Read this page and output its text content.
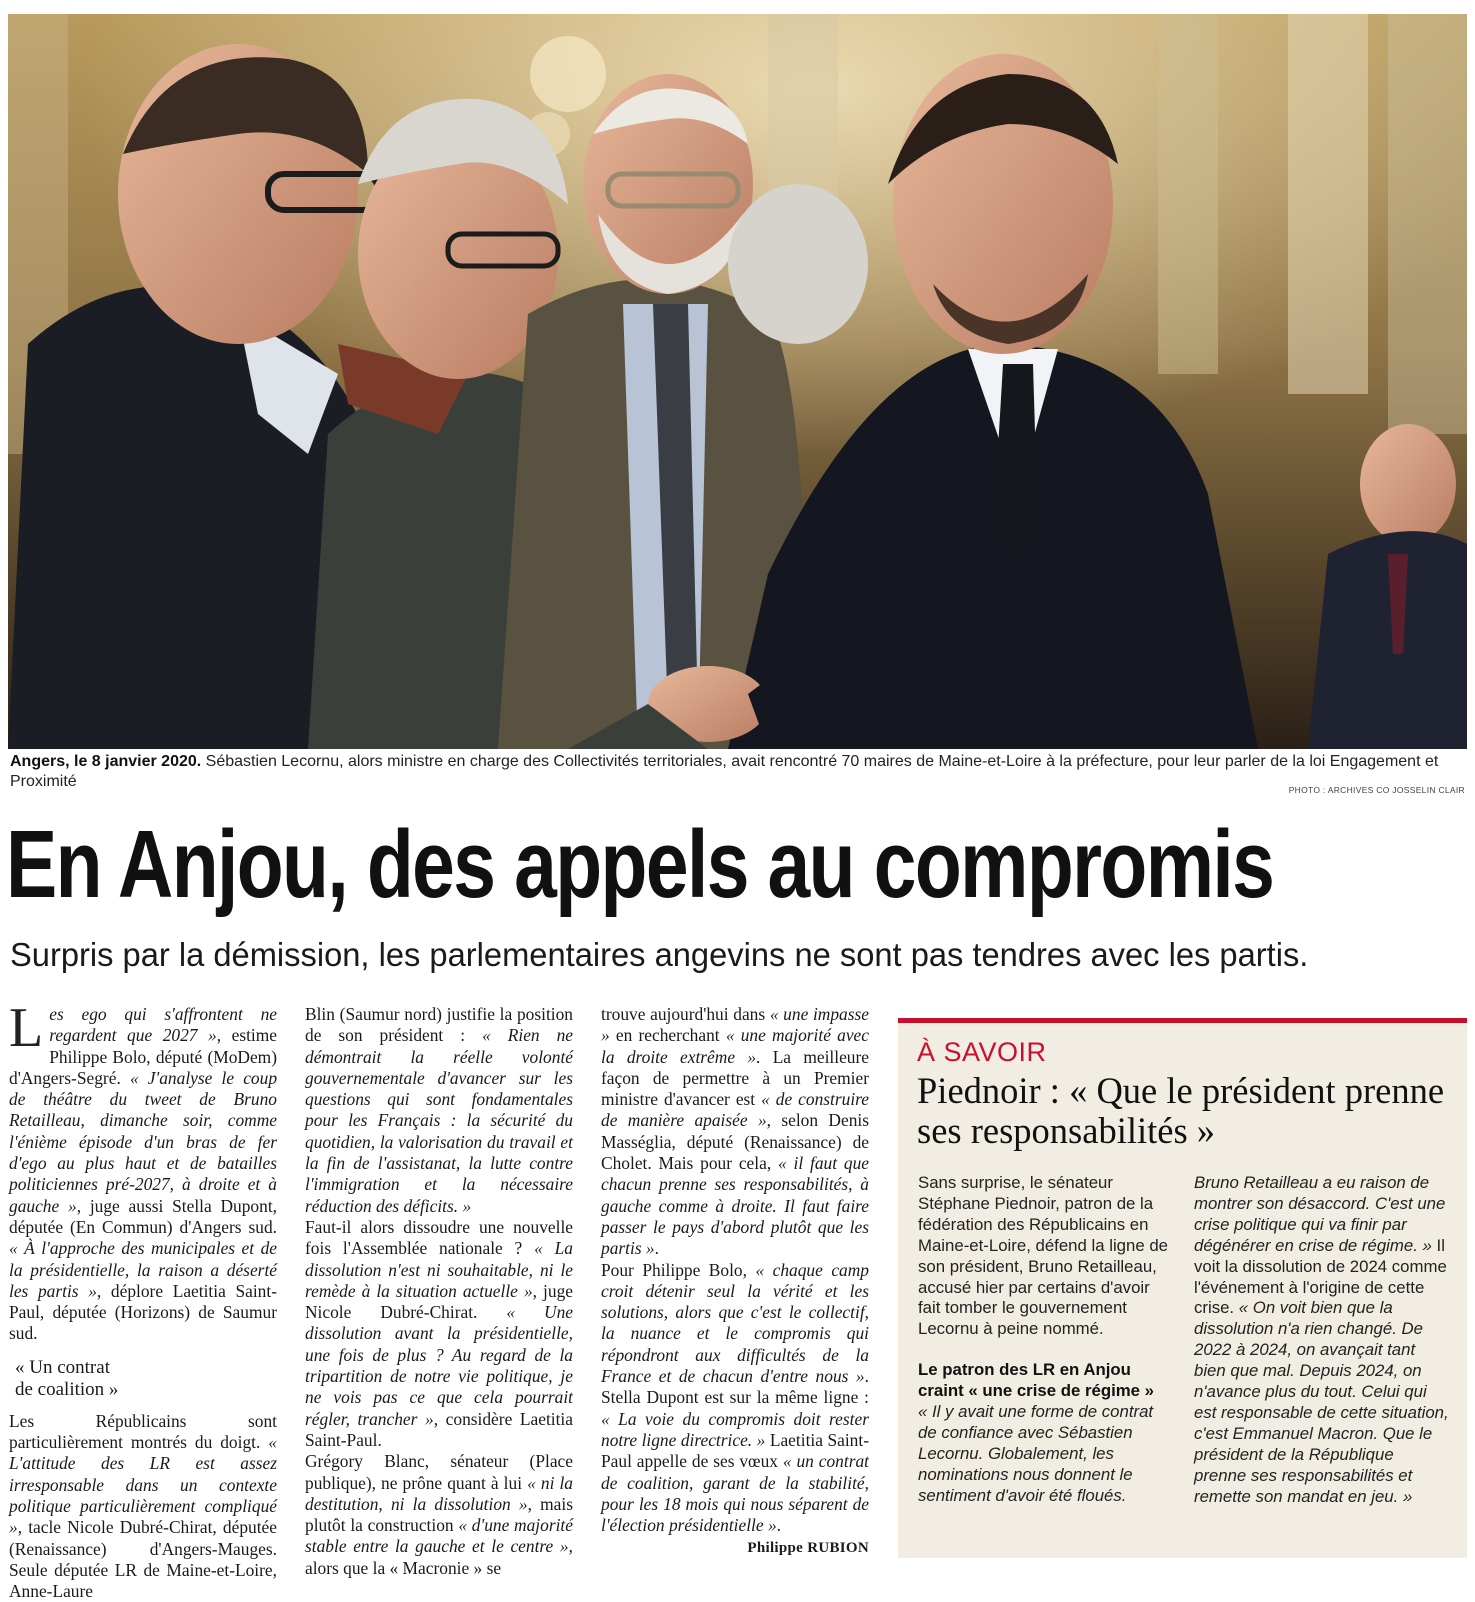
Angers, le 8 janvier 2020. Sébastien Lecornu, alors ministre en charge des Collectivités territoriales, avait rencontré 70 maires de Maine-et-Loire à la préfecture, pour leur parler de la loi Engagement et Proximité	PHOTO : ARCHIVES CO JOSSELIN CLAIR
En Anjou, des appels au compromis
Surpris par la démission, les parlementaires angevins ne sont pas tendres avec les partis.

Les ego qui s'affrontent ne regardent que 2027 », estime Philippe Bolo, député (MoDem) d'Angers-Segré. « J'analyse le coup de théâtre du tweet de Bruno Retailleau, dimanche soir, comme l'énième épisode d'un bras de fer d'ego au plus haut et de batailles politiciennes pré-2027, à droite et à gauche », juge aussi Stella Dupont, députée (En Commun) d'Angers sud. « À l'approche des municipales et de la présidentielle, la raison a déserté les partis », déplore Laetitia Saint-Paul, députée (Horizons) de Saumur sud.

« Un contrat
de coalition »

Les Républicains sont particulièrement montrés du doigt. « L'attitude des LR est assez irresponsable dans un contexte politique particulièrement compliqué », tacle Nicole Dubré-Chirat, députée (Renaissance) d'Angers-Mauges. Seule députée LR de Maine-et-Loire, Anne-Laure

Blin (Saumur nord) justifie la position de son président : « Rien ne démontrait la réelle volonté gouvernementale d'avancer sur les questions qui sont fondamentales pour les Français : la sécurité du quotidien, la valorisation du travail et la fin de l'assistanat, la lutte contre l'immigration et la nécessaire réduction des déficits. »

Faut-il alors dissoudre une nouvelle fois l'Assemblée nationale ? « La dissolution n'est ni souhaitable, ni le remède à la situation actuelle », juge Nicole Dubré-Chirat. « Une dissolution avant la présidentielle, une fois de plus ? Au regard de la tripartition de notre vie politique, je ne vois pas ce que cela pourrait régler, trancher », considère Laetitia Saint-Paul.

Grégory Blanc, sénateur (Place publique), ne prône quant à lui « ni la destitution, ni la dissolution », mais plutôt la construction « d'une majorité stable entre la gauche et le centre », alors que la « Macronie » se

trouve aujourd'hui dans « une impasse » en recherchant « une majorité avec la droite extrême ». La meilleure façon de permettre à un Premier ministre d'avancer est « de construire de manière apaisée », selon Denis Masséglia, député (Renaissance) de Cholet. Mais pour cela, « il faut que chacun prenne ses responsabilités, à gauche comme à droite. Il faut faire passer le pays d'abord plutôt que les partis ».

Pour Philippe Bolo, « chaque camp croit détenir seul la vérité et les solutions, alors que c'est le collectif, la nuance et le compromis qui répondront aux difficultés de la France et de chacun d'entre nous ». Stella Dupont est sur la même ligne : « La voie du compromis doit rester notre ligne directrice. » Laetitia Saint-Paul appelle de ses vœux « un contrat de coalition, garant de la stabilité, pour les 18 mois qui nous séparent de l'élection présidentielle ».

Philippe RUBION
À SAVOIR
Piednoir : « Que le président prenne ses responsabilités »

Sans surprise, le sénateur Stéphane Piednoir, patron de la fédération des Républicains en Maine-et-Loire, défend la ligne de son président, Bruno Retailleau, accusé hier par certains d'avoir fait tomber le gouvernement Lecornu à peine nommé.

Le patron des LR en Anjou craint « une crise de régime »

« Il y avait une forme de contrat de confiance avec Sébastien Lecornu. Globalement, les nominations nous donnent le sentiment d'avoir été floués.

Bruno Retailleau a eu raison de montrer son désaccord. C'est une crise politique qui va finir par dégénérer en crise de régime. » Il voit la dissolution de 2024 comme l'événement à l'origine de cette crise. « On voit bien que la dissolution n'a rien changé. De 2022 à 2024, on avançait tant bien que mal. Depuis 2024, on n'avance plus du tout. Celui qui est responsable de cette situation, c'est Emmanuel Macron. Que le président de la République prenne ses responsabilités et remette son mandat en jeu. »
